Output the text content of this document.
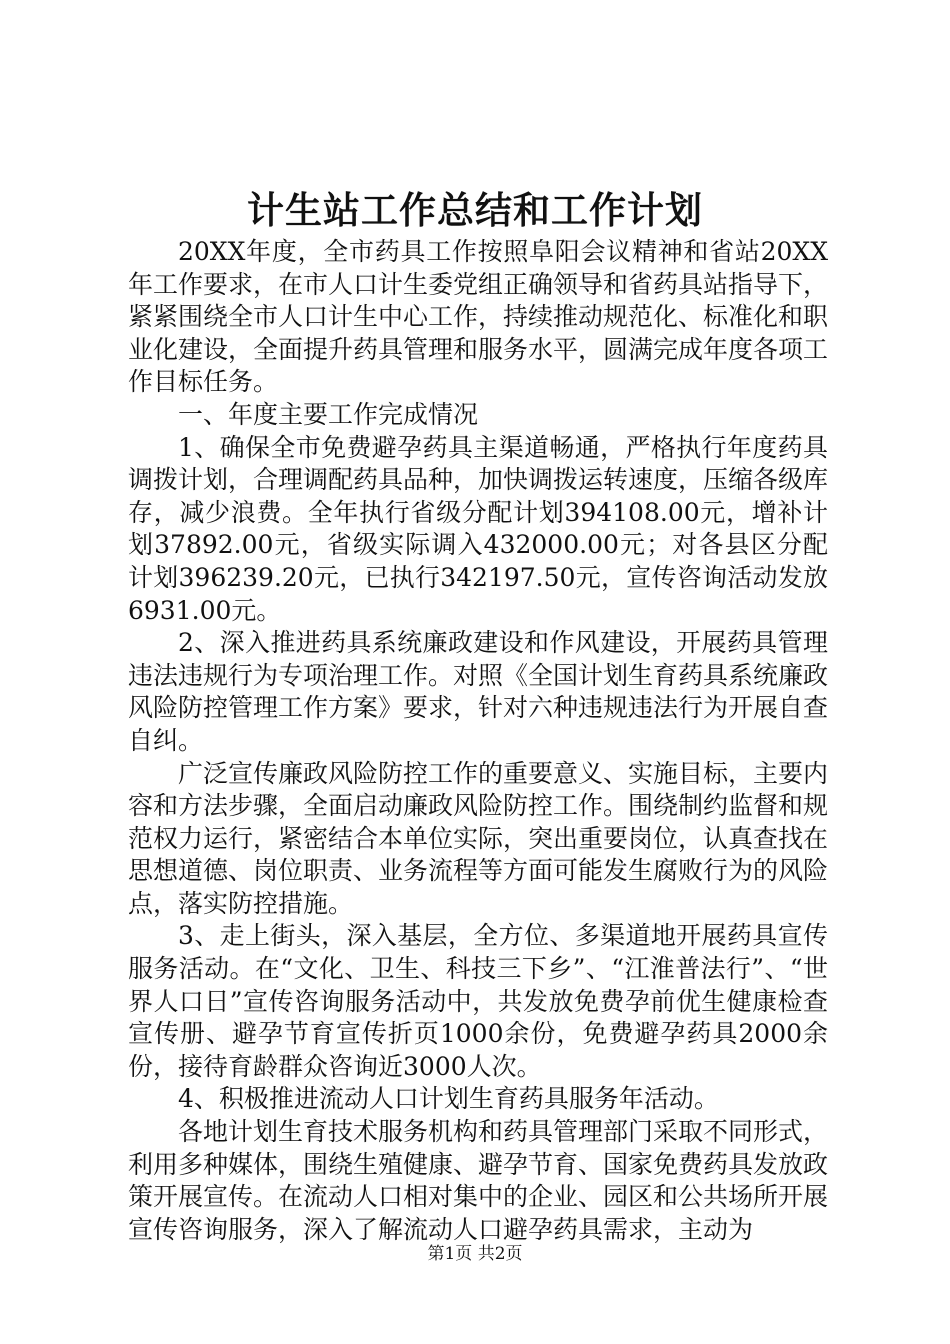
计生站工作总结和工作计划

20XX年度，全市药具工作按照阜阳会议精神和省站20XX年工作要求，在市人口计生委党组正确领导和省药具站指导下，紧紧围绕全市人口计生中心工作，持续推动规范化、标准化和职业化建设，全面提升药具管理和服务水平，圆满完成年度各项工作目标任务。

一、年度主要工作完成情况

1、确保全市免费避孕药具主渠道畅通，严格执行年度药具调拨计划，合理调配药具品种，加快调拨运转速度，压缩各级库存，减少浪费。全年执行省级分配计划394108.00元，增补计划37892.00元，省级实际调入432000.00元；对各县区分配计划396239.20元，已执行342197.50元，宣传咨询活动发放6931.00元。

2、深入推进药具系统廉政建设和作风建设，开展药具管理违法违规行为专项治理工作。对照《全国计划生育药具系统廉政风险防控管理工作方案》要求，针对六种违规违法行为开展自查自纠。

广泛宣传廉政风险防控工作的重要意义、实施目标，主要内容和方法步骤，全面启动廉政风险防控工作。围绕制约监督和规范权力运行，紧密结合本单位实际，突出重要岗位，认真查找在思想道德、岗位职责、业务流程等方面可能发生腐败行为的风险点，落实防控措施。

3、走上街头，深入基层，全方位、多渠道地开展药具宣传服务活动。在“文化、卫生、科技三下乡”、“江淮普法行”、“世界人口日”宣传咨询服务活动中，共发放免费孕前优生健康检查宣传册、避孕节育宣传折页1000余份，免费避孕药具2000余份，接待育龄群众咨询近3000人次。

4、积极推进流动人口计划生育药具服务年活动。

各地计划生育技术服务机构和药具管理部门采取不同形式，利用多种媒体，围绕生殖健康、避孕节育、国家免费药具发放政策开展宣传。在流动人口相对集中的企业、园区和公共场所开展宣传咨询服务，深入了解流动人口避孕药具需求，主动为

第1页 共2页
